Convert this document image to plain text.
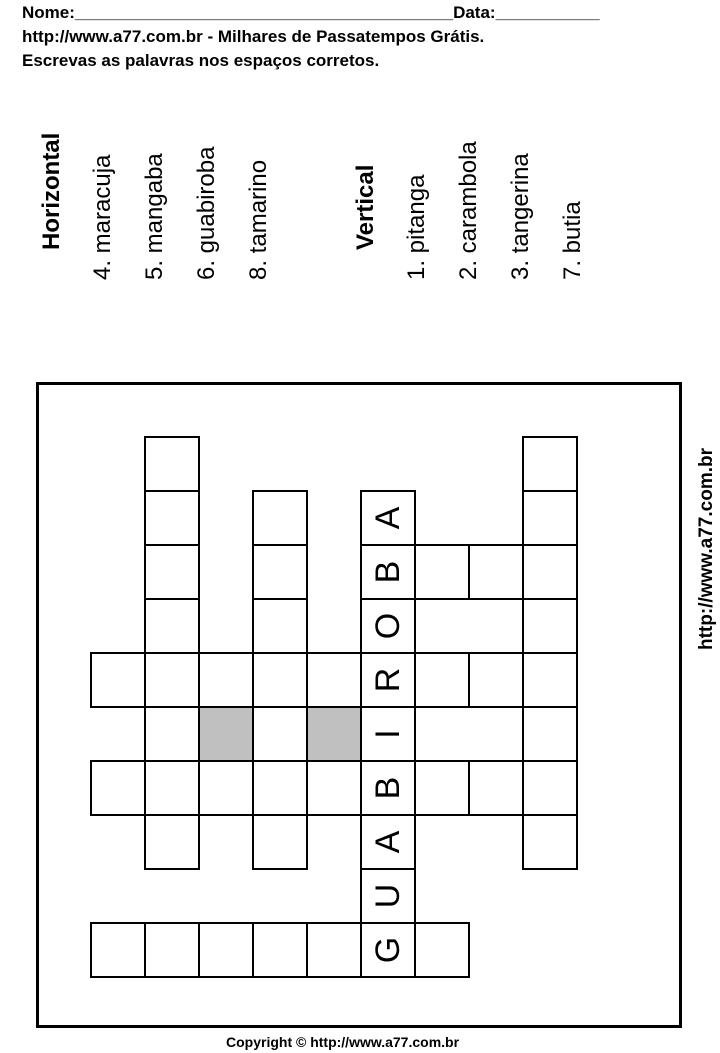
Nome:________________________________________Data:___________
http://www.a77.com.br - Milhares de Passatempos Grátis.
Escrevas as palavras nos espaços corretos.
Horizontal 4. maracuja 5. mangaba 6. guabiroba 8. tamarino	Vertical 1. pitanga 2. carambola 3. tangerina 7. butia
A
B
O
R
I
B
A
U
G
http://www.a77.com.br
Copyright © http://www.a77.com.br
